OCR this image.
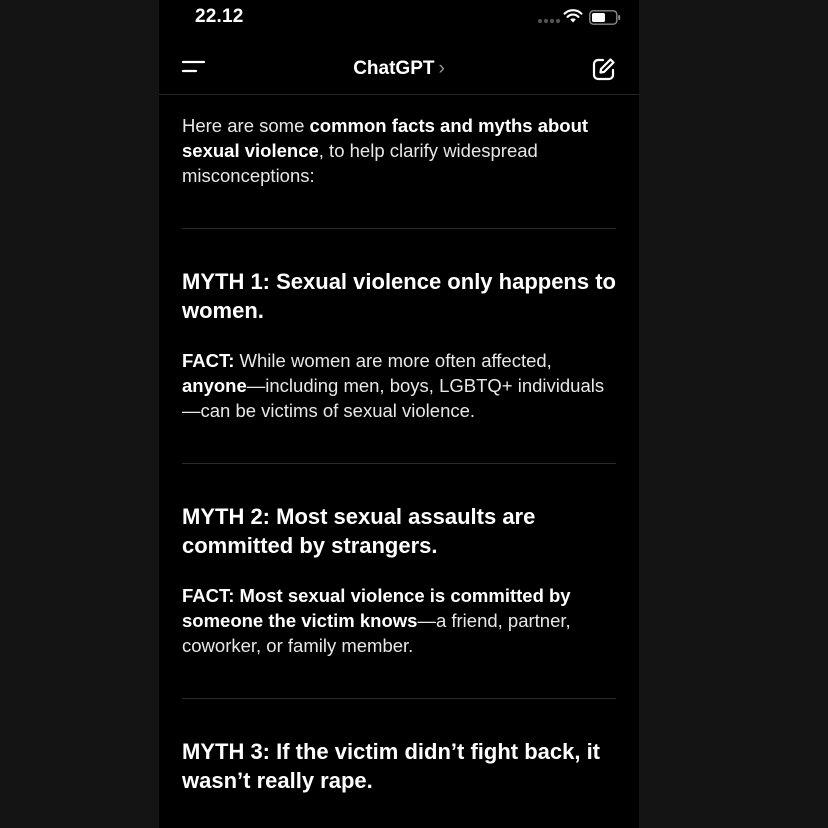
22.12
ChatGPT ›

Here are some common facts and myths about sexual violence, to help clarify widespread misconceptions:

MYTH 1: Sexual violence only happens to women.

FACT: While women are more often affected, anyone—including men, boys, LGBTQ+ individuals—can be victims of sexual violence.

MYTH 2: Most sexual assaults are committed by strangers.

FACT: Most sexual violence is committed by someone the victim knows—a friend, partner, coworker, or family member.

MYTH 3: If the victim didn’t fight back, it wasn’t really rape.
